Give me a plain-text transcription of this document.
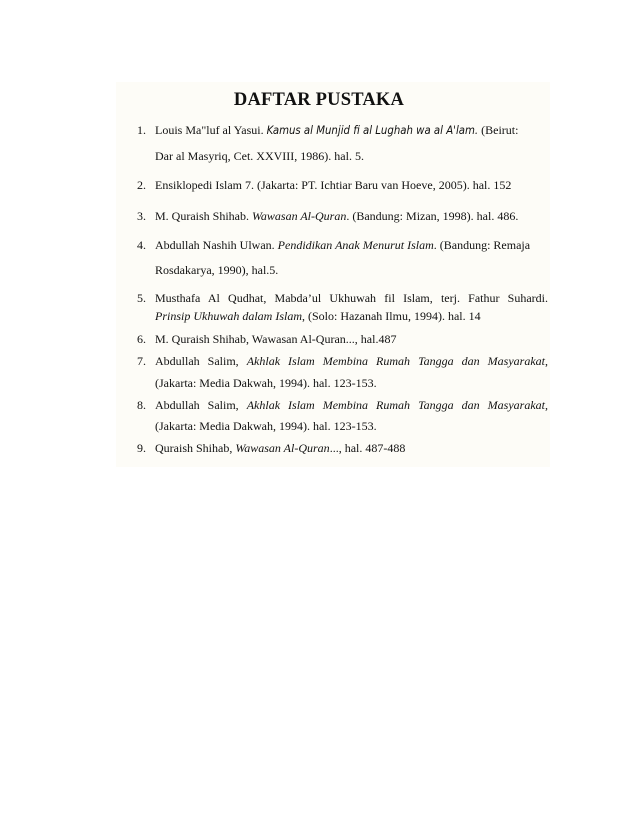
DAFTAR PUSTAKA
1. Louis Ma"luf al Yasui. Kamus al Munjid fi al Lughah wa al A'lam. (Beirut:
Dar al Masyriq, Cet. XXVIII, 1986). hal. 5.
2. Ensiklopedi Islam 7. (Jakarta: PT. Ichtiar Baru van Hoeve, 2005). hal. 152
3. M. Quraish Shihab. Wawasan Al-Quran. (Bandung: Mizan, 1998). hal. 486.
4. Abdullah Nashih Ulwan. Pendidikan Anak Menurut Islam. (Bandung: Remaja
Rosdakarya, 1990), hal.5.
5. Musthafa Al Qudhat, Mabda’ul Ukhuwah fil Islam, terj. Fathur Suhardi.
Prinsip Ukhuwah dalam Islam, (Solo: Hazanah Ilmu, 1994). hal. 14
6. M. Quraish Shihab, Wawasan Al-Quran..., hal.487
7. Abdullah Salim, Akhlak Islam Membina Rumah Tangga dan Masyarakat,
(Jakarta: Media Dakwah, 1994). hal. 123-153.
8. Abdullah Salim, Akhlak Islam Membina Rumah Tangga dan Masyarakat,
(Jakarta: Media Dakwah, 1994). hal. 123-153.
9. Quraish Shihab, Wawasan Al-Quran..., hal. 487-488
